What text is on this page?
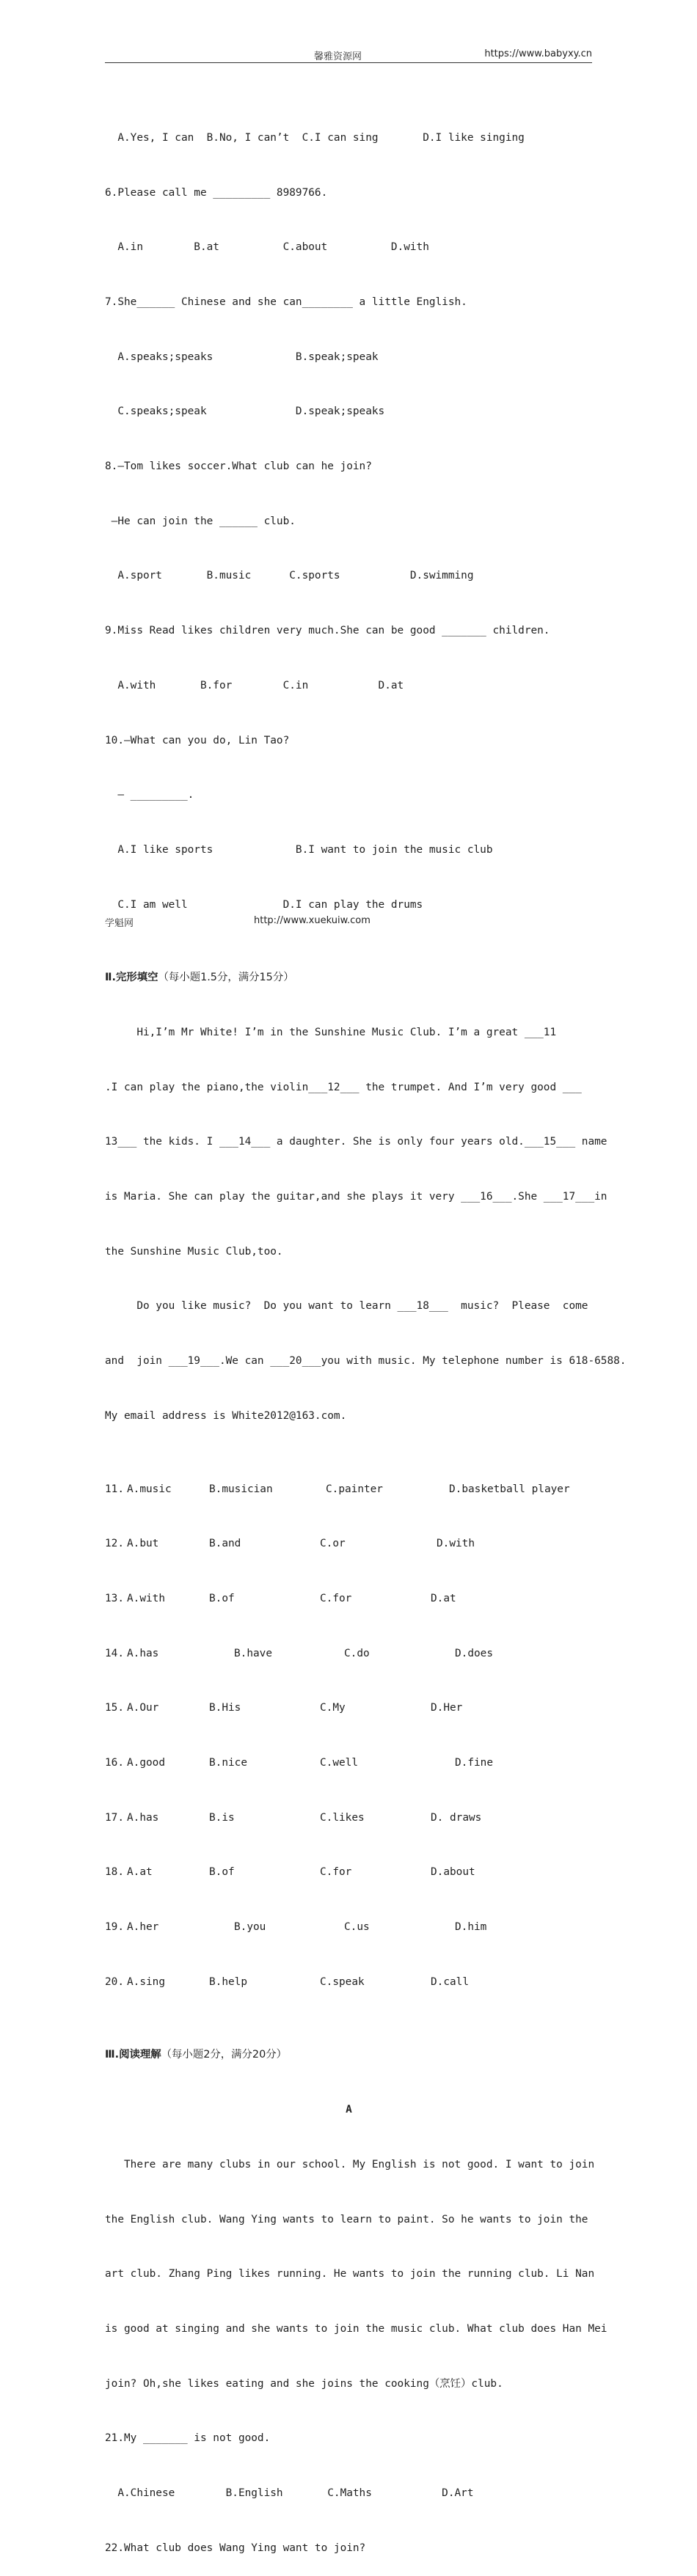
馨雅资源网	https://www.babyxy.cn

A.Yes, I can  B.No, I can’t  C.I can sing       D.I like singing

6.Please call me _________ 8989766.

A.in        B.at          C.about          D.with

7.She______ Chinese and she can________ a little English.

A.speaks;speaks             B.speak;speak

C.speaks;speak              D.speak;speaks

8.—Tom likes soccer.What club can he join?

—He can join the ______ club.

A.sport       B.music      C.sports           D.swimming

9.Miss Read likes children very much.She can be good _______ children.

A.with       B.for        C.in           D.at

10.—What can you do, Lin Tao?

— _________.

A.I like sports             B.I want to join the music club

C.I am well               D.I can play the drums

Ⅱ.完形填空（每小题1.5分，满分15分）

Hi,I’m Mr White! I’m in the Sunshine Music Club. I’m a great ___11

.I can play the piano,the violin___12___ the trumpet. And I’m very good ___

13___ the kids. I ___14___ a daughter. She is only four years old.___15___ name

is Maria. She can play the guitar,and she plays it very ___16___.She ___17___in

the Sunshine Music Club,too.

Do you like music?  Do you want to learn ___18___  music?  Please  come

and  join ___19___.We can ___20___you with music. My telephone number is 618-6588.

My email address is White2012@163.com.

11. A.music	B.musician	C.painter	D.basketball player

12. A.but	B.and	C.or	D.with

13. A.with	B.of	C.for	D.at

14. A.has	B.have	C.do	D.does

15. A.Our	B.His	C.My	D.Her

16. A.good	B.nice	C.well	D.fine

17. A.has	B.is	C.likes	D. draws

18. A.at	B.of	C.for	D.about

19. A.her	B.you	C.us	D.him

20. A.sing	B.help	C.speak	D.call

Ⅲ.阅读理解（每小题2分，满分20分）

A

There are many clubs in our school. My English is not good. I want to join

the English club. Wang Ying wants to learn to paint. So he wants to join the

art club. Zhang Ping likes running. He wants to join the running club. Li Nan

is good at singing and she wants to join the music club. What club does Han Mei

join? Oh,she likes eating and she joins the cooking（烹饪）club.

21.My _______ is not good.

A.Chinese        B.English       C.Maths           D.Art

22.What club does Wang Ying want to join?

学魁网	http://www.xuekuiw.com
